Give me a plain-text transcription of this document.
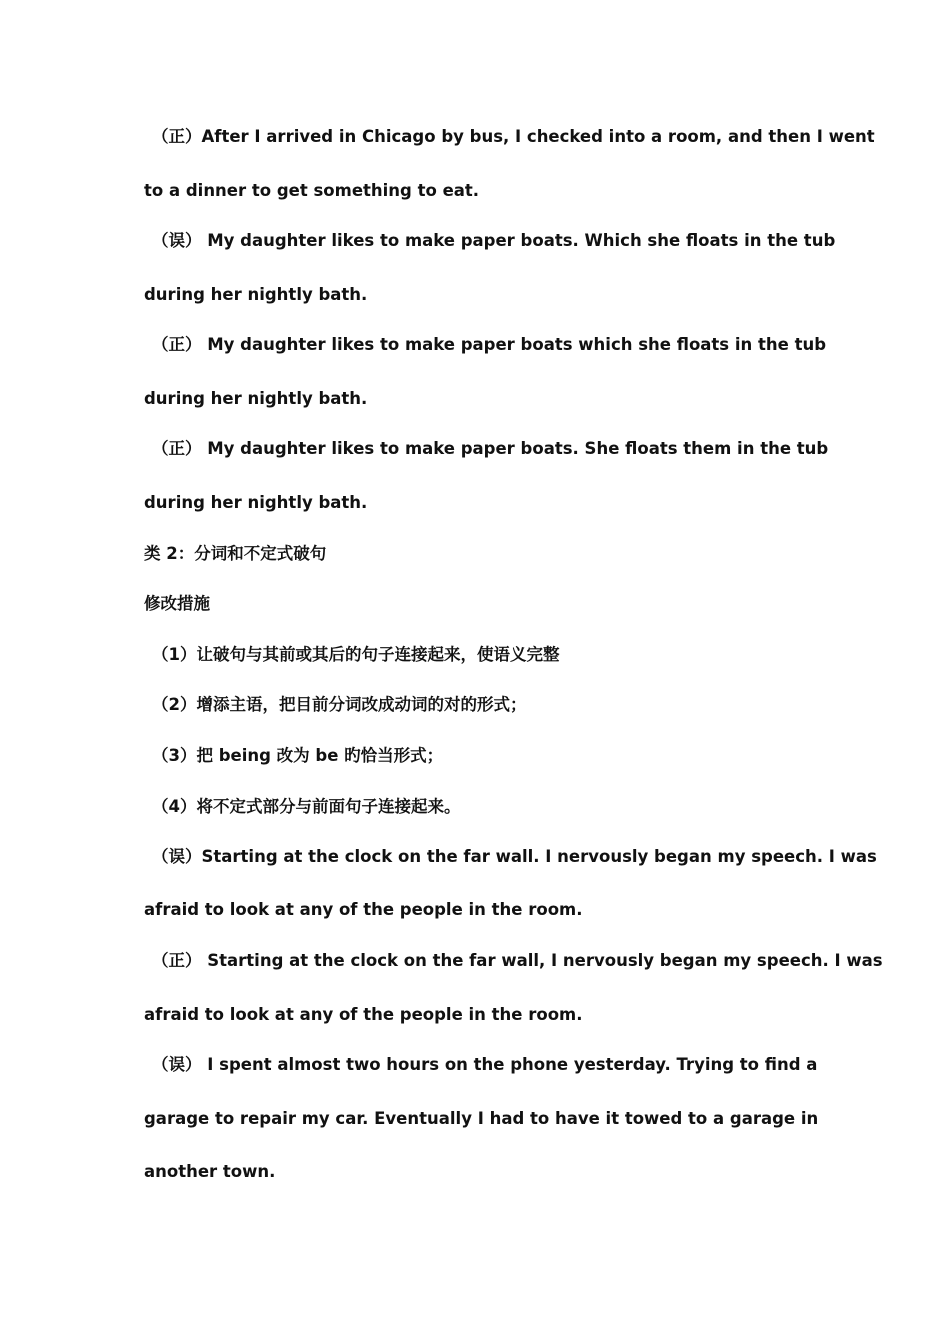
（正）After I arrived in Chicago by bus, I checked into a room, and then I went
to a dinner to get something to eat.
（误） My daughter likes to make paper boats. Which she floats in the tub
during her nightly bath.
（正） My daughter likes to make paper boats which she floats in the tub
during her nightly bath.
（正） My daughter likes to make paper boats. She floats them in the tub
during her nightly bath.
类 2：分词和不定式破句
修改措施
（1）让破句与其前或其后的句子连接起来，使语义完整
（2）增添主语，把目前分词改成动词的对的形式；
（3）把 being 改为 be 旳恰当形式；
（4）将不定式部分与前面句子连接起来。
（误）Starting at the clock on the far wall. I nervously began my speech. I was
afraid to look at any of the people in the room.
（正） Starting at the clock on the far wall, I nervously began my speech. I was
afraid to look at any of the people in the room.
（误） I spent almost two hours on the phone yesterday. Trying to find a
garage to repair my car. Eventually I had to have it towed to a garage in
another town.
